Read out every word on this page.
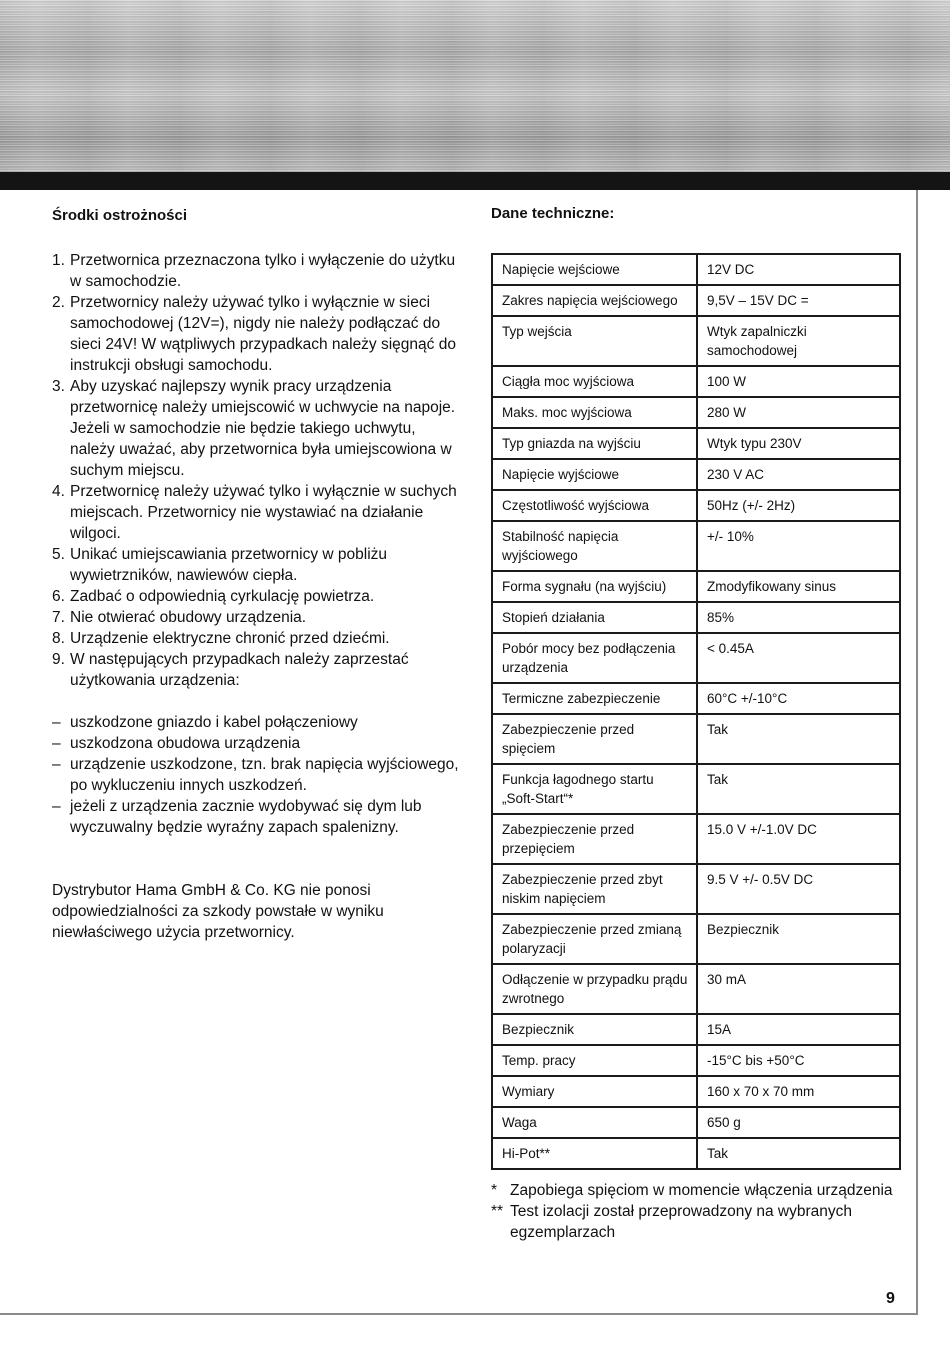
Środki ostrożności
1. Przetwornica przeznaczona tylko i wyłączenie do użytku w samochodzie.
2. Przetwornicy należy używać tylko i wyłącznie w sieci samochodowej (12V=), nigdy nie należy podłączać do sieci 24V! W wątpliwych przypadkach należy sięgnąć do instrukcji obsługi samochodu.
3. Aby uzyskać najlepszy wynik pracy urządzenia przetwornicę należy umiejscowić w uchwycie na napoje. Jeżeli w samochodzie nie będzie takiego uchwytu, należy uważać, aby przetwornica była umiejscowiona w suchym miejscu.
4. Przetwornicę należy używać tylko i wyłącznie w suchych miejscach. Przetwornicy nie wystawiać na działanie wilgoci.
5. Unikać umiejscawiania przetwornicy w pobliżu wywietrzników, nawiewów ciepła.
6. Zadbać o odpowiednią cyrkulację powietrza.
7. Nie otwierać obudowy urządzenia.
8. Urządzenie elektryczne chronić przed dziećmi.
9. W następujących przypadkach należy zaprzestać użytkowania urządzenia:
– uszkodzone gniazdo i kabel połączeniowy
– uszkodzona obudowa urządzenia
– urządzenie uszkodzone, tzn. brak napięcia wyjściowego, po wykluczeniu innych uszkodzeń.
– jeżeli z urządzenia zacznie wydobywać się dym lub wyczuwalny będzie wyraźny zapach spalenizny.
Dystrybutor Hama GmbH & Co. KG nie ponosi odpowiedzialności za szkody powstałe w wyniku niewłaściwego użycia przetwornicy.
Dane techniczne:
Napięcie wejściowe	12V DC
Zakres napięcia wejściowego	9,5V – 15V DC =
Typ wejścia	Wtyk zapalniczki samochodowej
Ciągła moc wyjściowa	100 W
Maks. moc wyjściowa	280 W
Typ gniazda na wyjściu	Wtyk typu 230V
Napięcie wyjściowe	230 V AC
Częstotliwość wyjściowa	50Hz (+/- 2Hz)
Stabilność napięcia wyjściowego	+/- 10%
Forma sygnału (na wyjściu)	Zmodyfikowany sinus
Stopień działania	85%
Pobór mocy bez podłączenia urządzenia	< 0.45A
Termiczne zabezpieczenie	60°C +/-10°C
Zabezpieczenie przed spięciem	Tak
Funkcja łagodnego startu „Soft-Start“*	Tak
Zabezpieczenie przed przepięciem	15.0 V +/-1.0V DC
Zabezpieczenie przed zbyt niskim napięciem	9.5 V +/- 0.5V DC
Zabezpieczenie przed zmianą polaryzacji	Bezpiecznik
Odłączenie w przypadku prądu zwrotnego	30 mA
Bezpiecznik	15A
Temp. pracy	-15°C bis +50°C
Wymiary	160 x 70 x 70 mm
Waga	650 g
Hi-Pot**	Tak
* Zapobiega spięciom w momencie włączenia urządzenia
** Test izolacji został przeprowadzony na wybranych egzemplarzach
9
